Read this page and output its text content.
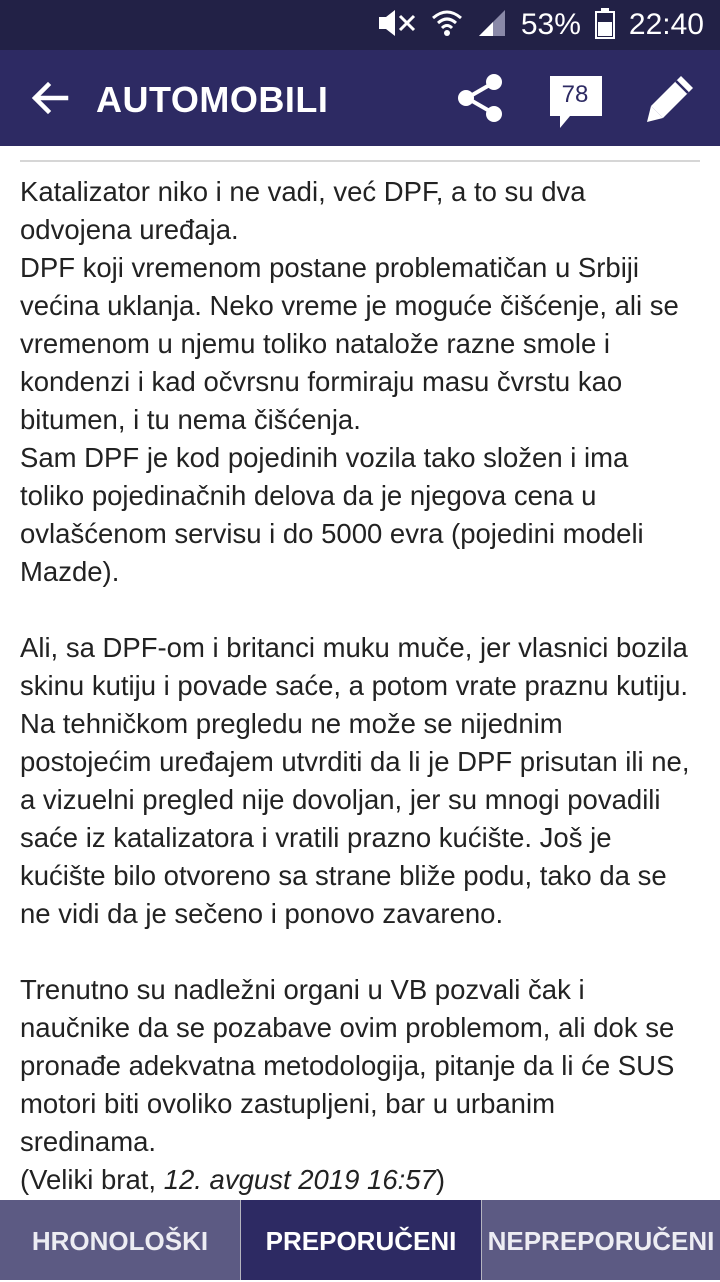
53% 22:40
AUTOMOBILI	78

Katalizator niko i ne vadi, već DPF, a to su dva
odvojena uređaja.
DPF koji vremenom postane problematičan u Srbiji
većina uklanja. Neko vreme je moguće čišćenje, ali se
vremenom u njemu toliko natalože razne smole i
kondenzi i kad očvrsnu formiraju masu čvrstu kao
bitumen, i tu nema čišćenja.
Sam DPF je kod pojedinih vozila tako složen i ima
toliko pojedinačnih delova da je njegova cena u
ovlašćenom servisu i do 5000 evra (pojedini modeli
Mazde).

Ali, sa DPF-om i britanci muku muče, jer vlasnici bozila
skinu kutiju i povade saće, a potom vrate praznu kutiju.
Na tehničkom pregledu ne može se nijednim
postojećim uređajem utvrditi da li je DPF prisutan ili ne,
a vizuelni pregled nije dovoljan, jer su mnogi povadili
saće iz katalizatora i vratili prazno kućište. Još je
kućište bilo otvoreno sa strane bliže podu, tako da se
ne vidi da je sečeno i ponovo zavareno.

Trenutno su nadležni organi u VB pozvali čak i
naučnike da se pozabave ovim problemom, ali dok se
pronađe adekvatna metodologija, pitanje da li će SUS
motori biti ovoliko zastupljeni, bar u urbanim
sredinama.

(Veliki brat, 12. avgust 2019 16:57)

HRONOLOŠKI	PREPORUČENI	NEPREPORUČENI
